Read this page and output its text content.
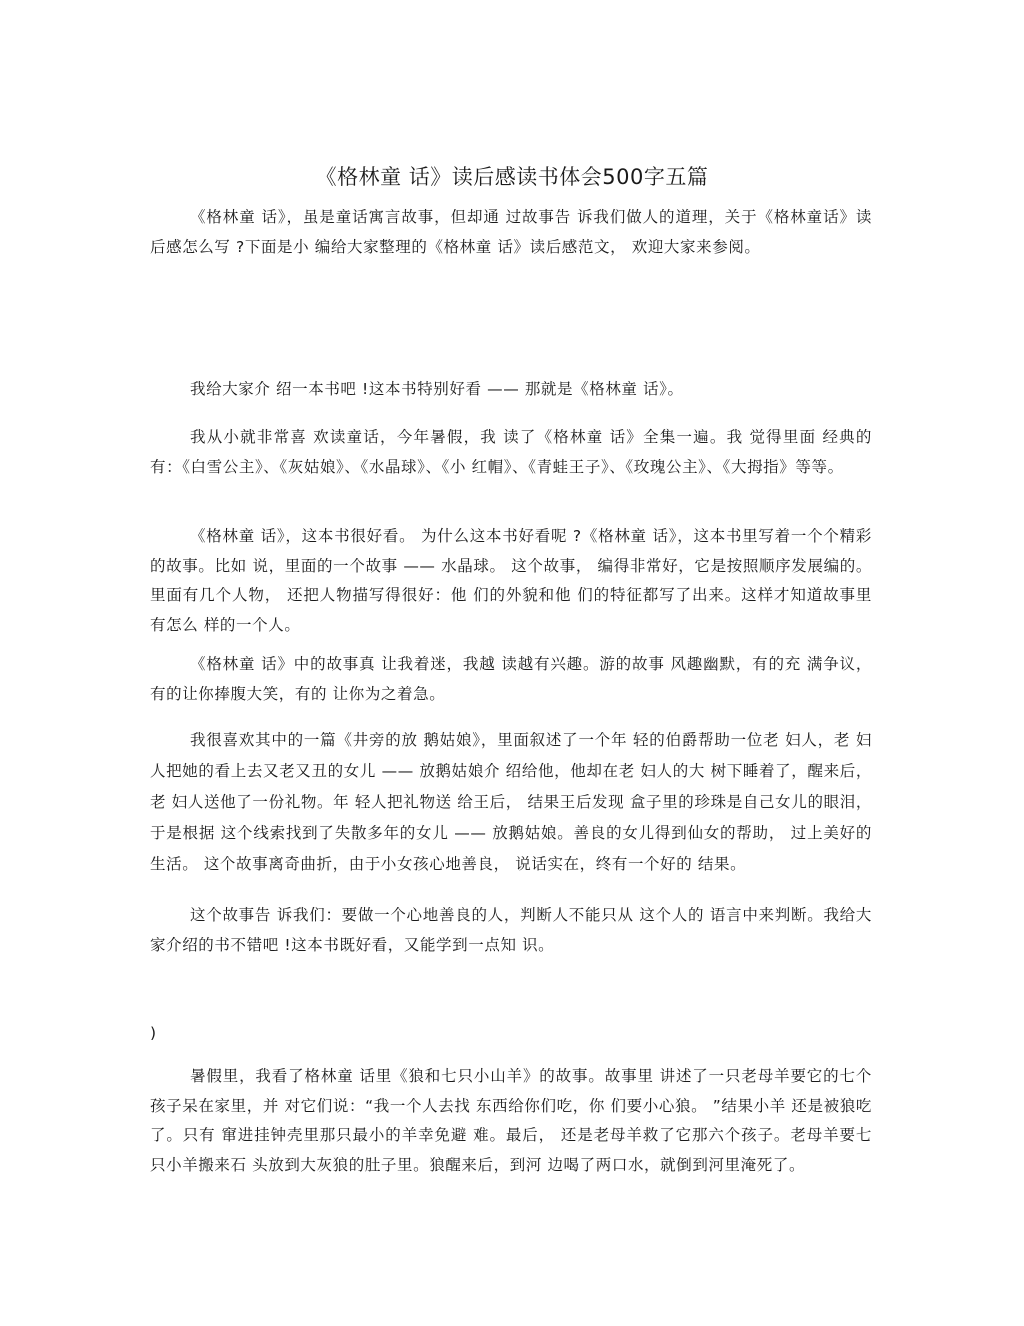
《格林童 话》读后感读书体会500字五篇

《格林童 话》，虽是童话寓言故事，但却通 过故事告 诉我们做人的道理，关于《格林童话》读后感怎么写 ?下面是小 编给大家整理的《格林童 话》读后感范文， 欢迎大家来参阅。

我给大家介 绍一本书吧 !这本书特别好看 —— 那就是《格林童 话》。

我从小就非常喜 欢读童话，今年暑假，我 读了《格林童 话》全集一遍。我 觉得里面 经典的有：《白雪公主》、《灰姑娘》、《水晶球》、《小 红帽》、《青蛙王子》、《玫瑰公主》、《大拇指》等等。

《格林童 话》，这本书很好看。 为什么这本书好看呢 ?《格林童 话》，这本书里写着一个个精彩的故事。比如 说，里面的一个故事 —— 水晶球。 这个故事， 编得非常好，它是按照顺序发展编的。里面有几个人物， 还把人物描写得很好：他 们的外貌和他 们的特征都写了出来。这样才知道故事里有怎么 样的一个人。

《格林童 话》中的故事真 让我着迷，我越 读越有兴趣。游的故事 风趣幽默，有的充 满争议，有的让你捧腹大笑，有的 让你为之着急。

我很喜欢其中的一篇《井旁的放 鹅姑娘》，里面叙述了一个年 轻的伯爵帮助一位老 妇人，老 妇人把她的看上去又老又丑的女儿 —— 放鹅姑娘介 绍给他，他却在老 妇人的大 树下睡着了，醒来后，老 妇人送他了一份礼物。年 轻人把礼物送 给王后， 结果王后发现 盒子里的珍珠是自己女儿的眼泪，于是根据 这个线索找到了失散多年的女儿 —— 放鹅姑娘。善良的女儿得到仙女的帮助， 过上美好的生活。 这个故事离奇曲折，由于小女孩心地善良， 说话实在，终有一个好的 结果。

这个故事告 诉我们：要做一个心地善良的人，判断人不能只从 这个人的 语言中来判断。我给大家介绍的书不错吧 !这本书既好看，又能学到一点知 识。

)

暑假里，我看了格林童 话里《狼和七只小山羊》的故事。故事里 讲述了一只老母羊要它的七个孩子呆在家里，并 对它们说：“我一个人去找 东西给你们吃，你 们要小心狼。 ”结果小羊 还是被狼吃了。只有 窜进挂钟壳里那只最小的羊幸免避 难。最后， 还是老母羊救了它那六个孩子。老母羊要七只小羊搬来石 头放到大灰狼的肚子里。狼醒来后，到河 边喝了两口水，就倒到河里淹死了。
